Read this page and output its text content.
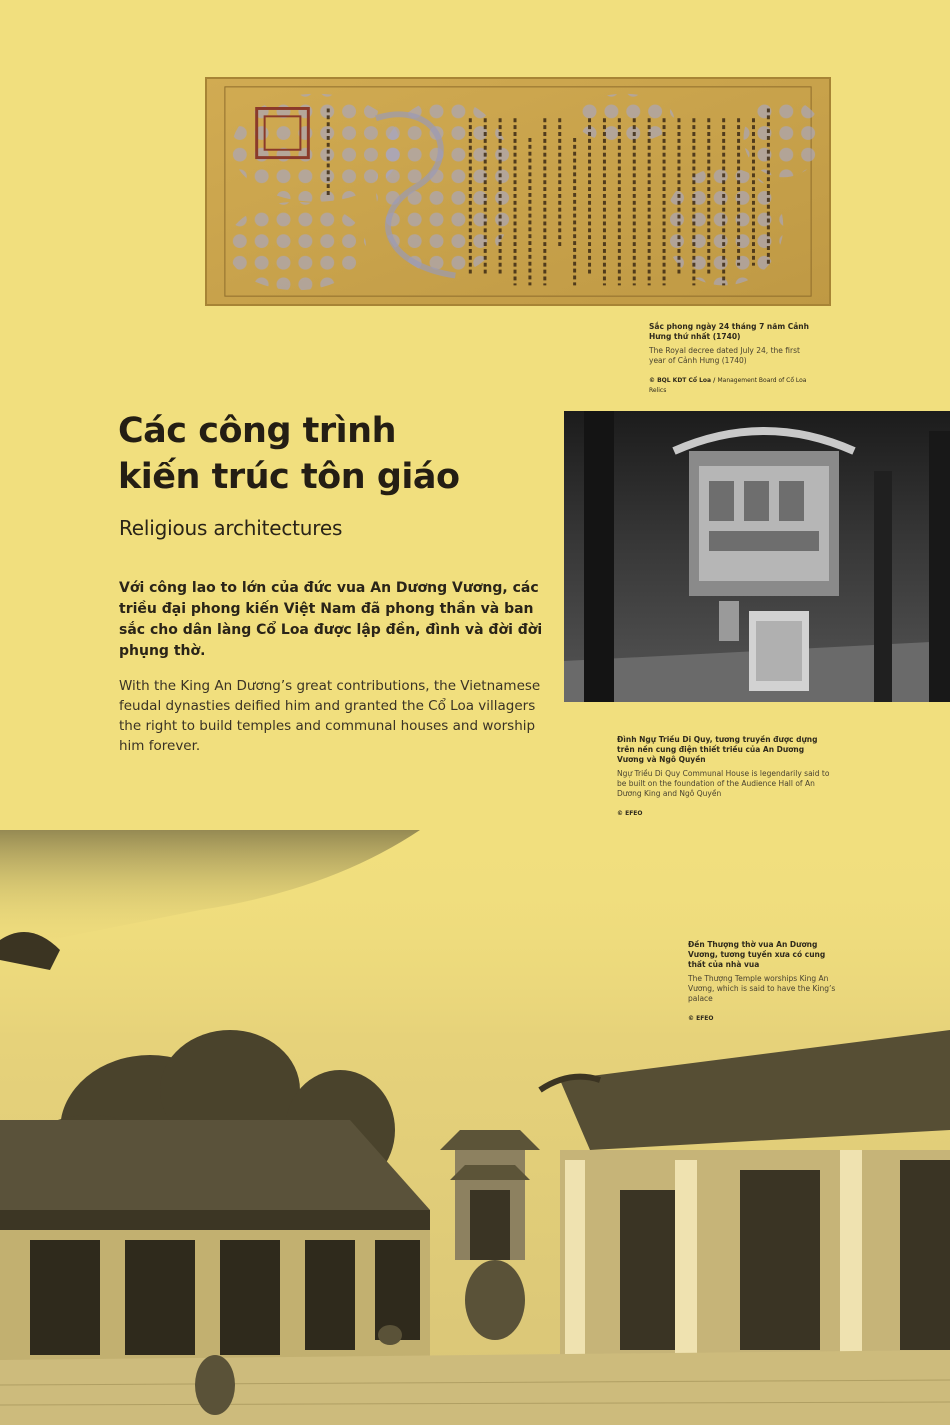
Sắc phong ngày 24 tháng 7 năm Cảnh Hưng thứ nhất (1740)
The Royal decree dated July 24, the first year of Cảnh Hưng (1740)
© BQL KDT Cổ Loa / Management Board of Cổ Loa Relics
Các công trình
kiến trúc tôn giáo
Religious architectures
Với công lao to lớn của đức vua An Dương Vương, các triều đại phong kiến Việt Nam đã phong thần và ban sắc cho dân làng Cổ Loa được lập đền, đình và đời đời phụng thờ.
With the King An Dương’s great contributions, the Vietnamese feudal dynasties deified him and granted the Cổ Loa villagers the right to build temples and communal houses and worship him forever.	Đình Ngự Triều Di Quy, tương truyền được dựng trên nền cung điện thiết triều của An Dương Vương và Ngô Quyền
Ngự Triều Di Quy Communal House is legendarily said to be built on the foundation of the Audience Hall of An Dương King and Ngô Quyền
© EFEO
Đền Thượng thờ vua An Dương Vương, tương tuyền xưa có cung thất của nhà vua
The Thượng Temple worships King An Vương, which is said to have the King’s palace
© EFEO
